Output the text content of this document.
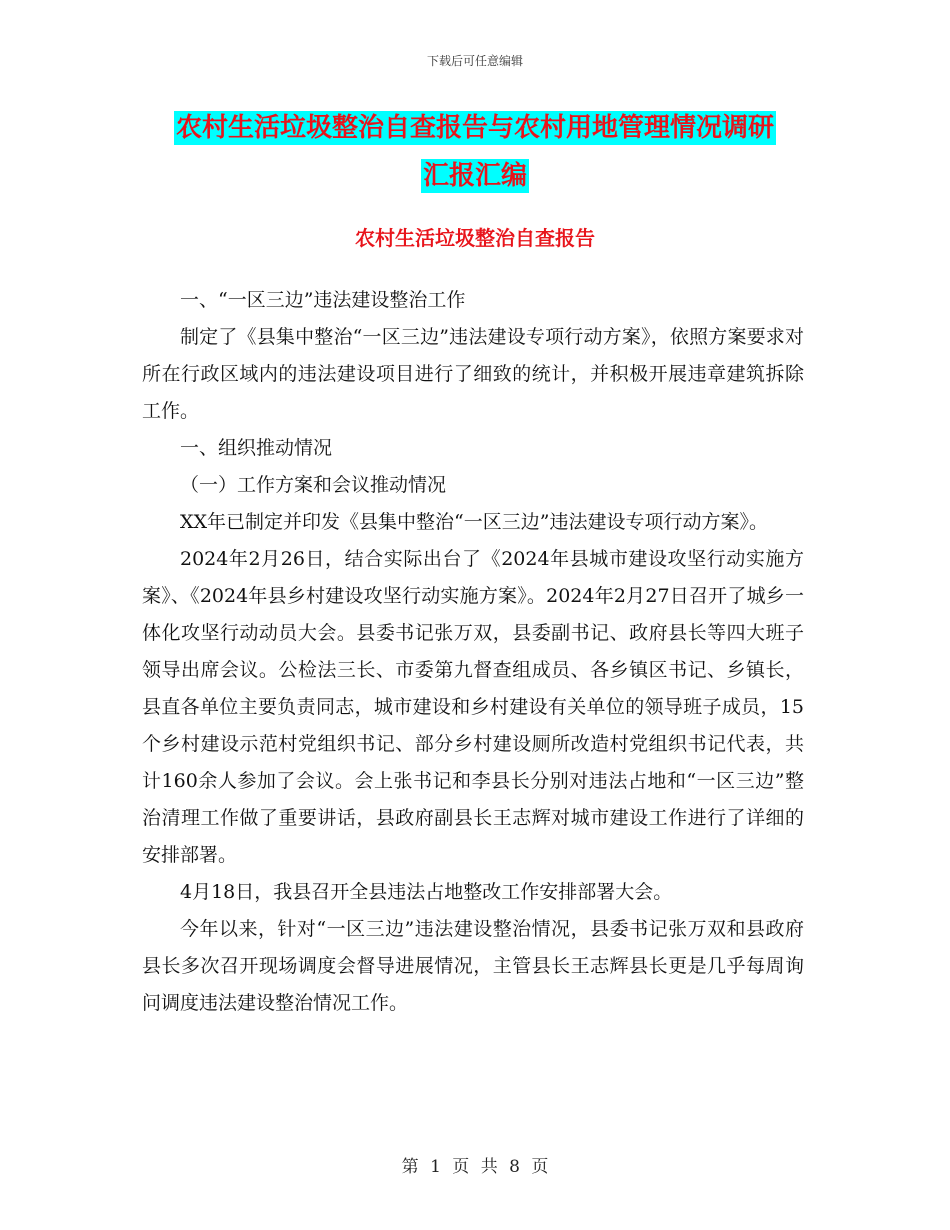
下载后可任意编辑
农村生活垃圾整治自查报告与农村用地管理情况调研
汇报汇编
农村生活垃圾整治自查报告

一、“一区三边”违法建设整治工作

制定了《县集中整治“一区三边”违法建设专项行动方案》，依照方案要求对所在行政区域内的违法建设项目进行了细致的统计，并积极开展违章建筑拆除工作。

一、组织推动情况

（一）工作方案和会议推动情况

XX年已制定并印发《县集中整治“一区三边”违法建设专项行动方案》。

2024年2月26日，结合实际出台了《2024年县城市建设攻坚行动实施方案》、《2024年县乡村建设攻坚行动实施方案》。2024年2月27日召开了城乡一体化攻坚行动动员大会。县委书记张万双，县委副书记、政府县长等四大班子领导出席会议。公检法三长、市委第九督查组成员、各乡镇区书记、乡镇长，县直各单位主要负责同志，城市建设和乡村建设有关单位的领导班子成员，15个乡村建设示范村党组织书记、部分乡村建设厕所改造村党组织书记代表，共计160余人参加了会议。会上张书记和李县长分别对违法占地和“一区三边”整治清理工作做了重要讲话，县政府副县长王志辉对城市建设工作进行了详细的安排部署。

4月18日，我县召开全县违法占地整改工作安排部署大会。

今年以来，针对“一区三边”违法建设整治情况，县委书记张万双和县政府县长多次召开现场调度会督导进展情况，主管县长王志辉县长更是几乎每周询问调度违法建设整治情况工作。

第 1 页 共 8 页
